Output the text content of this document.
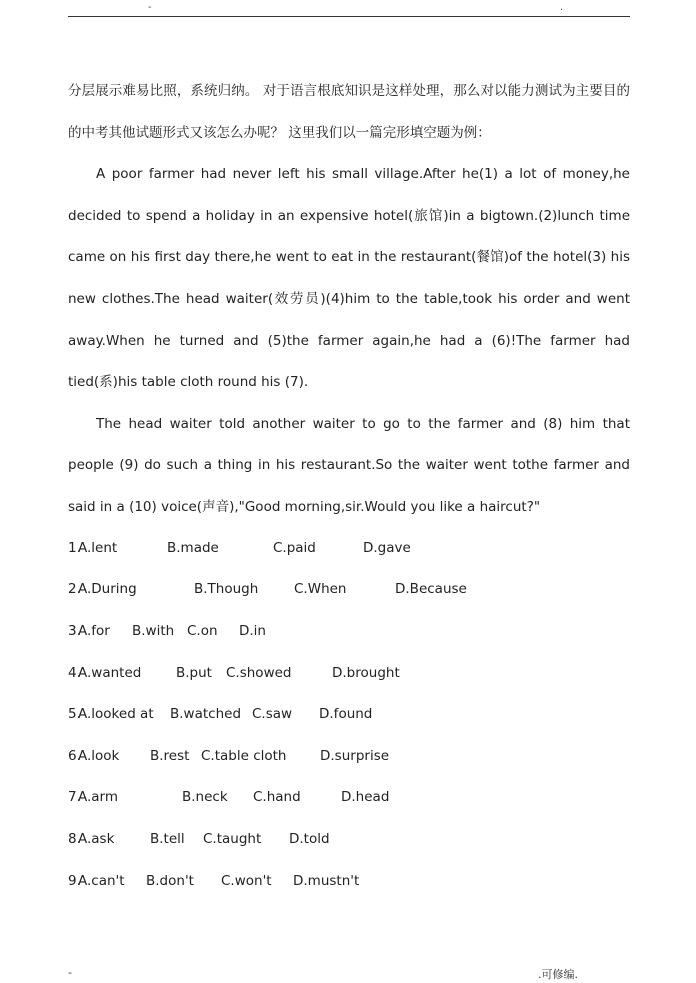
-	.

分层展示难易比照，系统归纳。 对于语言根底知识是这样处理，那么对以能力测试为主要目的的中考其他试题形式又该怎么办呢？ 这里我们以一篇完形填空题为例：

A poor farmer had never left his small village.After he(1) a lot of money,he decided to spend a holiday in an expensive hotel(旅馆)in a bigtown.(2)lunch time came on his first day there,he went to eat in the restaurant(餐馆)of the hotel(3) his new clothes.The head waiter(效劳员)(4)him to the table,took his order and went away.When he turned and (5)the farmer again,he had a (6)!The farmer had tied(系)his table cloth round his (7).

The head waiter told another waiter to go to the farmer and (8) him that people (9) do such a thing in his restaurant.So the waiter went tothe farmer and said in a (10) voice(声音),"Good morning,sir.Would you like a haircut?"

1.
A.lent	B.made	C.paid	D.gave
2.
A.During	B.Though	C.When	D.Because
3.
A.for B.with C.on D.in
4.
A.wanted	B.put C.showed	D.brought
5.
A.looked at B.watched C.saw D.found
6.
A.look B.rest C.table cloth D.surprise
7.
A.arm	B.neck C.hand	D.head
8.
A.ask	B.tell C.taught D.told
9.
A.can't B.don't C.won't D.mustn't
-	.可修编.
